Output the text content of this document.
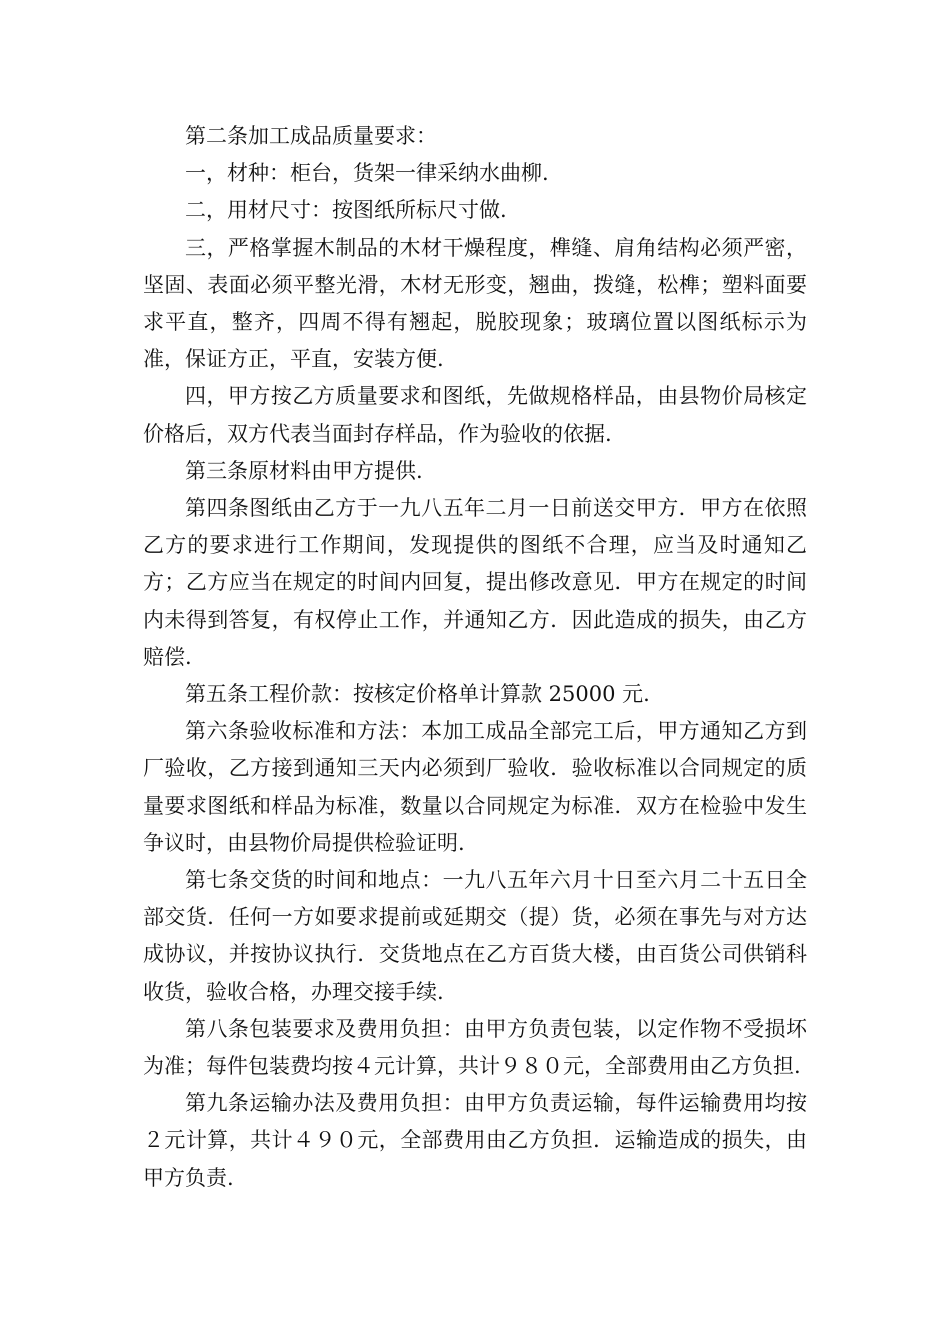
第二条加工成品质量要求：

一，材种：柜台，货架一律采纳水曲柳.

二，用材尺寸：按图纸所标尺寸做.

三，严格掌握木制品的木材干燥程度，榫缝、肩角结构必须严密，坚固、表面必须平整光滑，木材无形变，翘曲，拨缝，松榫；塑料面要求平直，整齐，四周不得有翘起，脱胶现象；玻璃位置以图纸标示为准，保证方正，平直，安装方便.

四，甲方按乙方质量要求和图纸，先做规格样品，由县物价局核定价格后，双方代表当面封存样品，作为验收的依据.

第三条原材料由甲方提供.

第四条图纸由乙方于一九八五年二月一日前送交甲方．甲方在依照乙方的要求进行工作期间，发现提供的图纸不合理，应当及时通知乙方；乙方应当在规定的时间内回复，提出修改意见．甲方在规定的时间内未得到答复，有权停止工作，并通知乙方．因此造成的损失，由乙方赔偿.

第五条工程价款：按核定价格单计算款 25000 元.

第六条验收标准和方法：本加工成品全部完工后，甲方通知乙方到厂验收，乙方接到通知三天内必须到厂验收．验收标准以合同规定的质量要求图纸和样品为标准，数量以合同规定为标准．双方在检验中发生争议时，由县物价局提供检验证明.

第七条交货的时间和地点：一九八五年六月十日至六月二十五日全部交货．任何一方如要求提前或延期交（提）货，必须在事先与对方达成协议，并按协议执行．交货地点在乙方百货大楼，由百货公司供销科收货，验收合格，办理交接手续.

第八条包装要求及费用负担：由甲方负责包装，以定作物不受损坏为准；每件包装费均按４元计算，共计９８０元，全部费用由乙方负担.

第九条运输办法及费用负担：由甲方负责运输，每件运输费用均按２元计算，共计４９０元，全部费用由乙方负担．运输造成的损失，由甲方负责.
